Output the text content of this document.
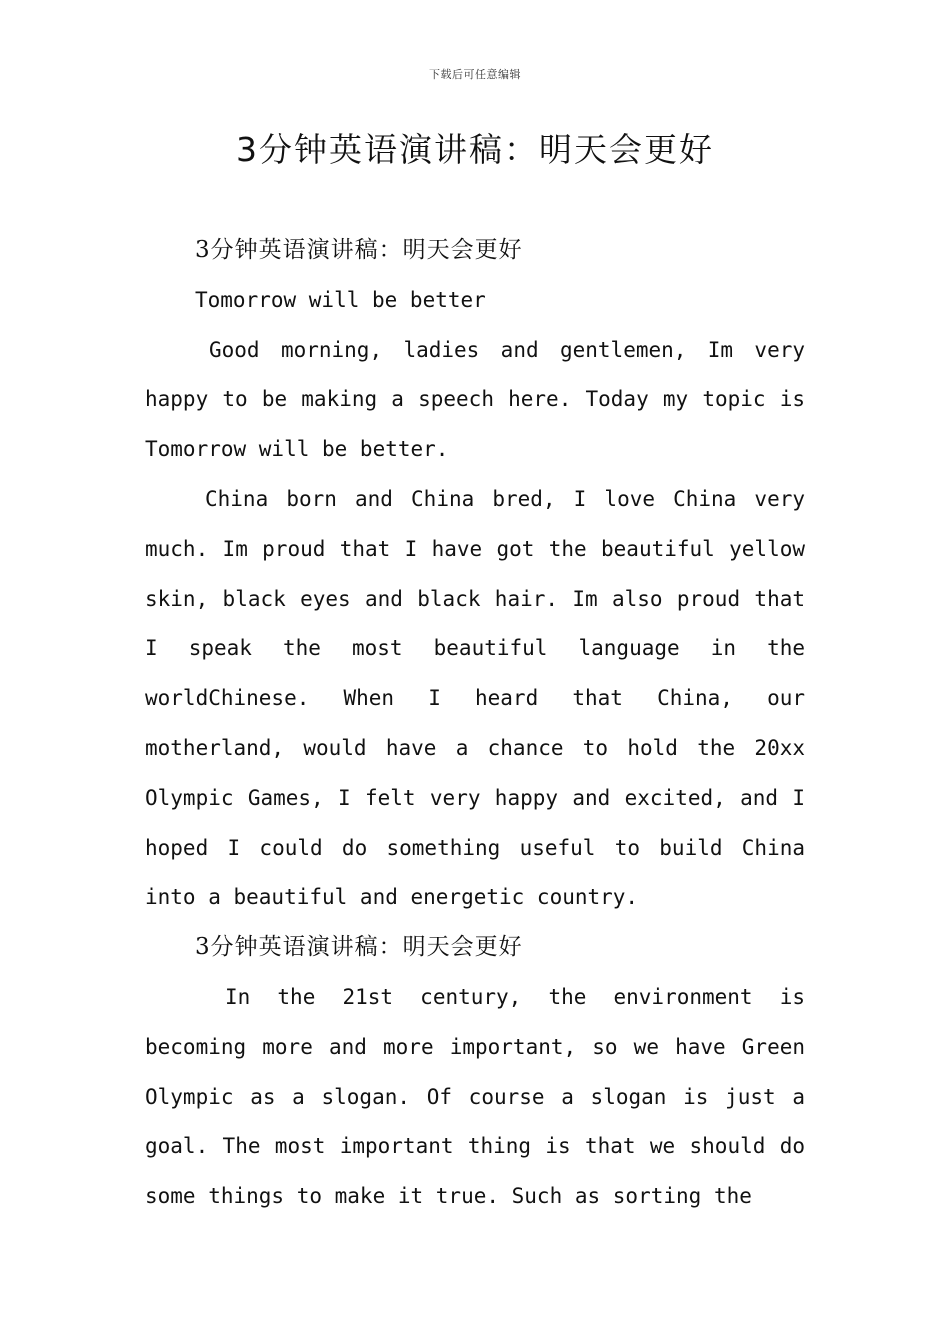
下载后可任意编辑
3分钟英语演讲稿：明天会更好

3分钟英语演讲稿：明天会更好

Tomorrow will be better

Good morning, ladies and gentlemen, Im very happy to be making a speech here. Today my topic is Tomorrow will be better.

China born and China bred, I love China very much. Im proud that I have got the beautiful yellow skin, black eyes and black hair. Im also proud that I speak the most beautiful language in the worldChinese. When I heard that China, our motherland, would have a chance to hold the 20xx Olympic Games, I felt very happy and excited, and I hoped I could do something useful to build China into a beautiful and energetic country.

3分钟英语演讲稿：明天会更好

In the 21st century, the environment is becoming more and more important, so we have Green Olympic as a slogan. Of course a slogan is just a goal. The most important thing is that we should do some things to make it true. Such as sorting the
